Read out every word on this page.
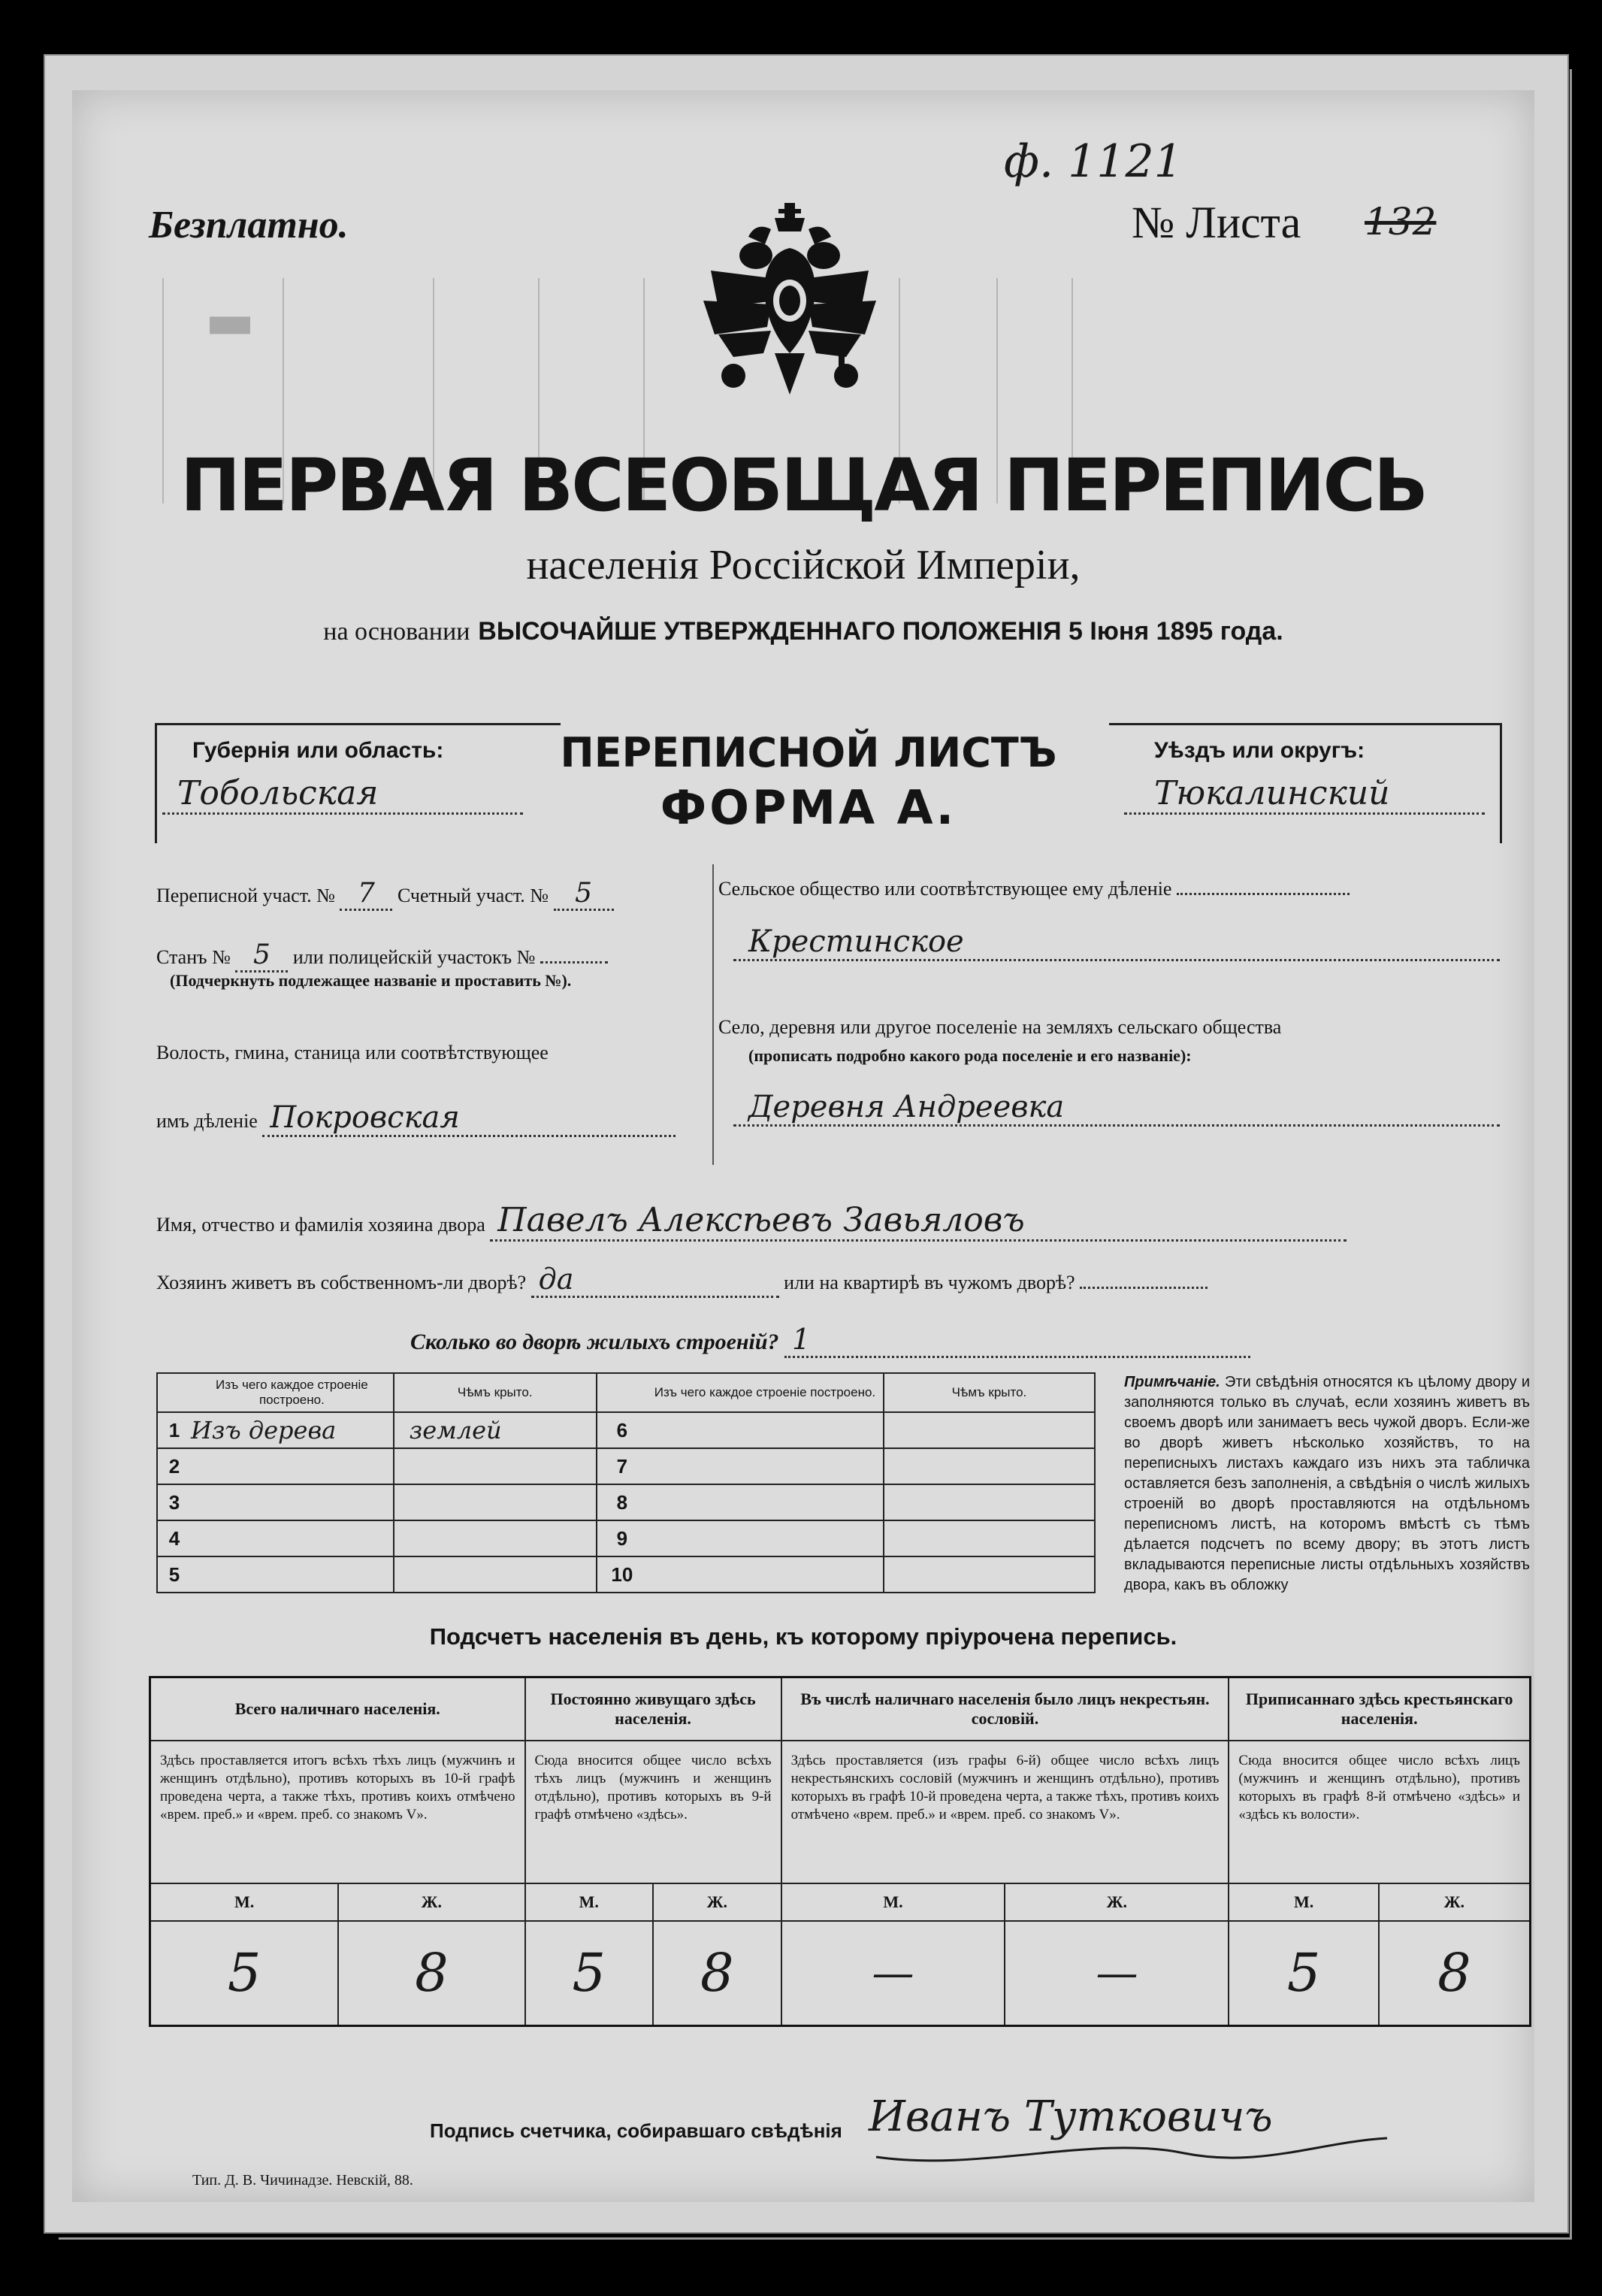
████
ф. 1121
Безплатно.	№ Листа 132
ПЕРВАЯ ВСЕОБЩАЯ ПЕРЕПИСЬ
населенія Россійской Имперіи,
на основании ВЫСОЧАЙШЕ УТВЕРЖДЕННАГО ПОЛОЖЕНІЯ 5 Іюня 1895 года.
Губернія или область:
Тобольская
Уѣздъ или округъ:
Тюкалинский
ПЕРЕПИСНОЙ ЛИСТЪ
ФОРМА А.
Переписной участ. № 7 Счетный участ. № 5
Станъ № 5 или полицейскій участокъ №
(Подчеркнуть подлежащее названіе и проставить №).
Волость, гмина, станица или соотвѣтствующее
имъ дѣленіе Покровская
Сельское общество или соотвѣтствующее ему дѣленіе
Крестинское
Село, деревня или другое поселеніе на земляхъ сельскаго общества
(прописать подробно какого рода поселеніе и его названіе):
Деревня Андреевка
Имя, отчество и фамилія хозяина двора Павелъ Алексѣевъ Завьяловъ
Хозяинъ живетъ въ собственномъ-ли дворѣ? да	или на квартирѣ въ чужомъ дворѣ?
Сколько во дворѣ жилыхъ строеній? 1
	Изъ чего каждое строеніе построено.	Чѣмъ крыто.		Изъ чего каждое строеніе построено.	Чѣмъ крыто.
1	Изъ дерева	землей	6		
2			7		
3			8		
4			9		
5			10		
Примѣчаніе. Эти свѣдѣнія относятся къ цѣлому двору и заполняются только въ случаѣ, если хозяинъ живетъ въ своемъ дворѣ или занимаетъ весь чужой дворъ. Если-же во дворѣ живетъ нѣсколько хозяйствъ, то на переписныхъ листахъ каждаго изъ нихъ эта табличка оставляется безъ заполненія, а свѣдѣнія о числѣ жилыхъ строеній во дворѣ проставляются на отдѣльномъ переписномъ листѣ, на которомъ вмѣстѣ съ тѣмъ дѣлается подсчетъ по всему двору; въ этотъ листъ вкладываются переписные листы отдѣльныхъ хозяйствъ двора, какъ въ обложку
Подсчетъ населенія въ день, къ которому пріурочена перепись.
Всего наличнаго населенія.		Постоянно живущаго здѣсь населенія.		Въ числѣ наличнаго населенія было лицъ некрестьян. сословій.		Приписаннаго здѣсь крестьянскаго населенія.	
Здѣсь проставляется итогъ всѣхъ тѣхъ лицъ (мужчинъ и женщинъ отдѣльно), противъ которыхъ въ 10-й графѣ проведена черта, а также тѣхъ, противъ коихъ отмѣчено «врем. преб.» и «врем. преб. со знакомъ V».		Сюда вносится общее число всѣхъ тѣхъ лицъ (мужчинъ и женщинъ отдѣльно), противъ которыхъ въ 9-й графѣ отмѣчено «здѣсь».		Здѣсь проставляется (изъ графы 6-й) общее число всѣхъ лицъ некрестьянскихъ сословій (мужчинъ и женщинъ отдѣльно), противъ которыхъ въ графѣ 10-й проведена черта, а также тѣхъ, противъ коихъ отмѣчено «врем. преб.» и «врем. преб. со знакомъ V».		Сюда вносится общее число всѣхъ лицъ (мужчинъ и женщинъ отдѣльно), противъ которыхъ въ графѣ 8-й отмѣчено «здѣсь» и «здѣсь къ волости».	
М.	Ж.	М.	Ж.	М.	Ж.	М.	Ж.
5	8	5	8	—	—	5	8
Подпись счетчика, собиравшаго свѣдѣнія Иванъ Тутковичъ
Тип. Д. В. Чичинадзе. Невскій, 88.
